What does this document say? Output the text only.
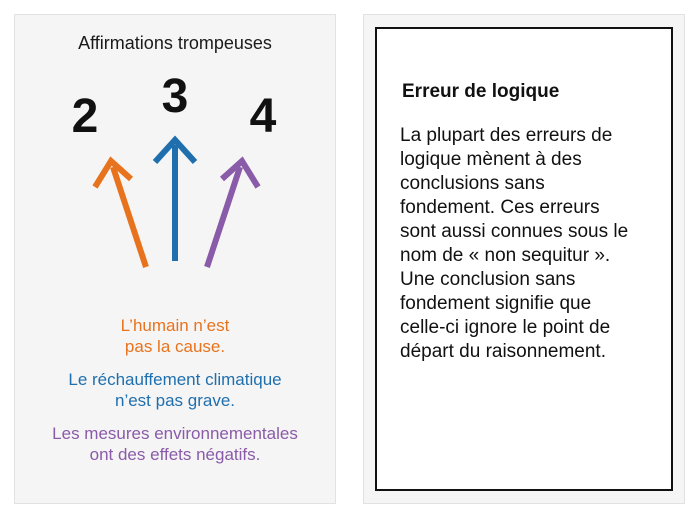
Affirmations trompeuses
2 3 4
L’humain n’est
pas la cause.
Le réchauffement climatique
n’est pas grave.
Les mesures environnementales
ont des effets négatifs.
Erreur de logique
La plupart des erreurs de
logique mènent à des
conclusions sans
fondement. Ces erreurs
sont aussi connues sous le
nom de « non sequitur ».
Une conclusion sans
fondement signifie que
celle-ci ignore le point de
départ du raisonnement.
